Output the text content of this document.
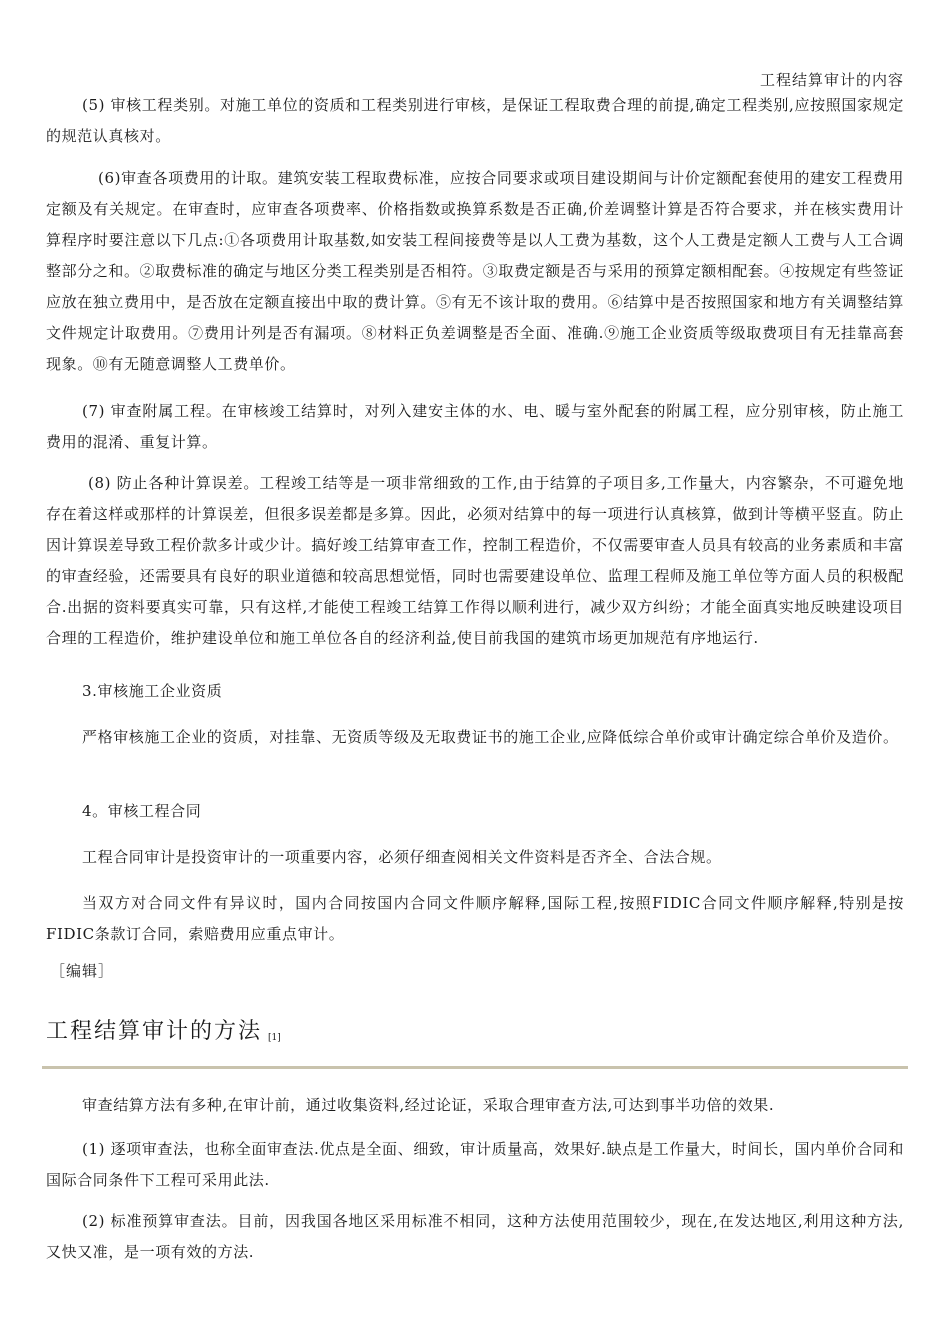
工程结算审计的内容

(5) 审核工程类别。对施工单位的资质和工程类别进行审核，是保证工程取费合理的前提,确定工程类别,应按照国家规定的规范认真核对。

(6)审查各项费用的计取。建筑安装工程取费标准，应按合同要求或项目建设期间与计价定额配套使用的建安工程费用定额及有关规定。在审查时，应审查各项费率、价格指数或换算系数是否正确,价差调整计算是否符合要求，并在核实费用计算程序时要注意以下几点:①各项费用计取基数,如安装工程间接费等是以人工费为基数，这个人工费是定额人工费与人工合调整部分之和。②取费标准的确定与地区分类工程类别是否相符。③取费定额是否与采用的预算定额相配套。④按规定有些签证应放在独立费用中，是否放在定额直接出中取的费计算。⑤有无不该计取的费用。⑥结算中是否按照国家和地方有关调整结算文件规定计取费用。⑦费用计列是否有漏项。⑧材料正负差调整是否全面、准确.⑨施工企业资质等级取费项目有无挂靠高套现象。⑩有无随意调整人工费单价。

(7) 审查附属工程。在审核竣工结算时，对列入建安主体的水、电、暖与室外配套的附属工程，应分别审核，防止施工费用的混淆、重复计算。

(8) 防止各种计算误差。工程竣工结等是一项非常细致的工作,由于结算的子项目多,工作量大，内容繁杂，不可避免地存在着这样或那样的计算误差，但很多误差都是多算。因此，必须对结算中的每一项进行认真核算，做到计等横平竖直。防止因计算误差导致工程价款多计或少计。搞好竣工结算审查工作，控制工程造价，不仅需要审查人员具有较高的业务素质和丰富的审查经验，还需要具有良好的职业道德和较高思想觉悟，同时也需要建设单位、监理工程师及施工单位等方面人员的积极配合.出据的资料要真实可靠，只有这样,才能使工程竣工结算工作得以顺利进行，减少双方纠纷；才能全面真实地反映建设项目合理的工程造价，维护建设单位和施工单位各自的经济利益,使目前我国的建筑市场更加规范有序地运行.

3.审核施工企业资质

严格审核施工企业的资质，对挂靠、无资质等级及无取费证书的施工企业,应降低综合单价或审计确定综合单价及造价。

4。审核工程合同

工程合同审计是投资审计的一项重要内容，必须仔细查阅相关文件资料是否齐全、合法合规。

当双方对合同文件有异议时，国内合同按国内合同文件顺序解释,国际工程,按照FIDIC合同文件顺序解释,特别是按FIDIC条款订合同，索赔费用应重点审计。

［编辑］
工程结算审计的方法 [1]

审查结算方法有多种,在审计前，通过收集资料,经过论证，采取合理审查方法,可达到事半功倍的效果.

(1) 逐项审查法，也称全面审查法.优点是全面、细致，审计质量高，效果好.缺点是工作量大，时间长，国内单价合同和国际合同条件下工程可采用此法.

(2) 标准预算审查法。目前，因我国各地区采用标准不相同，这种方法使用范围较少，现在,在发达地区,利用这种方法,又快又准，是一项有效的方法.
